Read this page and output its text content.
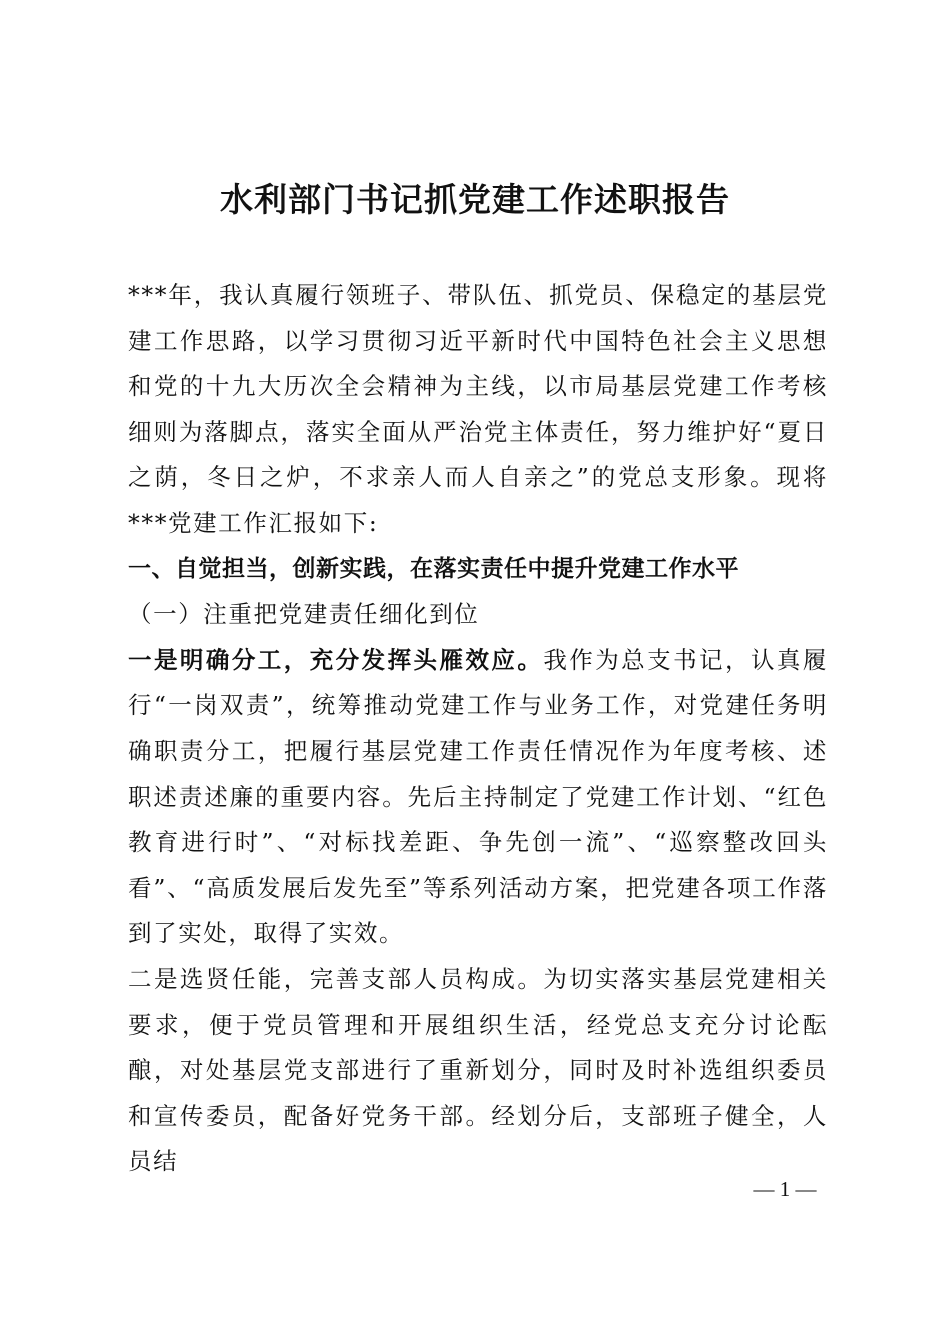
水利部门书记抓党建工作述职报告

***年，我认真履行领班子、带队伍、抓党员、保稳定的基层党建工作思路，以学习贯彻习近平新时代中国特色社会主义思想和党的十九大历次全会精神为主线，以市局基层党建工作考核细则为落脚点，落实全面从严治党主体责任，努力维护好“夏日之荫，冬日之炉，不求亲人而人自亲之”的党总支形象。现将***党建工作汇报如下:

一、自觉担当，创新实践，在落实责任中提升党建工作水平

（一）注重把党建责任细化到位

一是明确分工，充分发挥头雁效应。我作为总支书记，认真履行“一岗双责”，统筹推动党建工作与业务工作，对党建任务明确职责分工，把履行基层党建工作责任情况作为年度考核、述职述责述廉的重要内容。先后主持制定了党建工作计划、“红色教育进行时”、“对标找差距、争先创一流”、“巡察整改回头看”、“高质发展后发先至”等系列活动方案，把党建各项工作落到了实处，取得了实效。

二是选贤任能，完善支部人员构成。为切实落实基层党建相关要求，便于党员管理和开展组织生活，经党总支充分讨论酝酿，对处基层党支部进行了重新划分，同时及时补选组织委员和宣传委员，配备好党务干部。经划分后，支部班子健全，人员结

— 1 —
